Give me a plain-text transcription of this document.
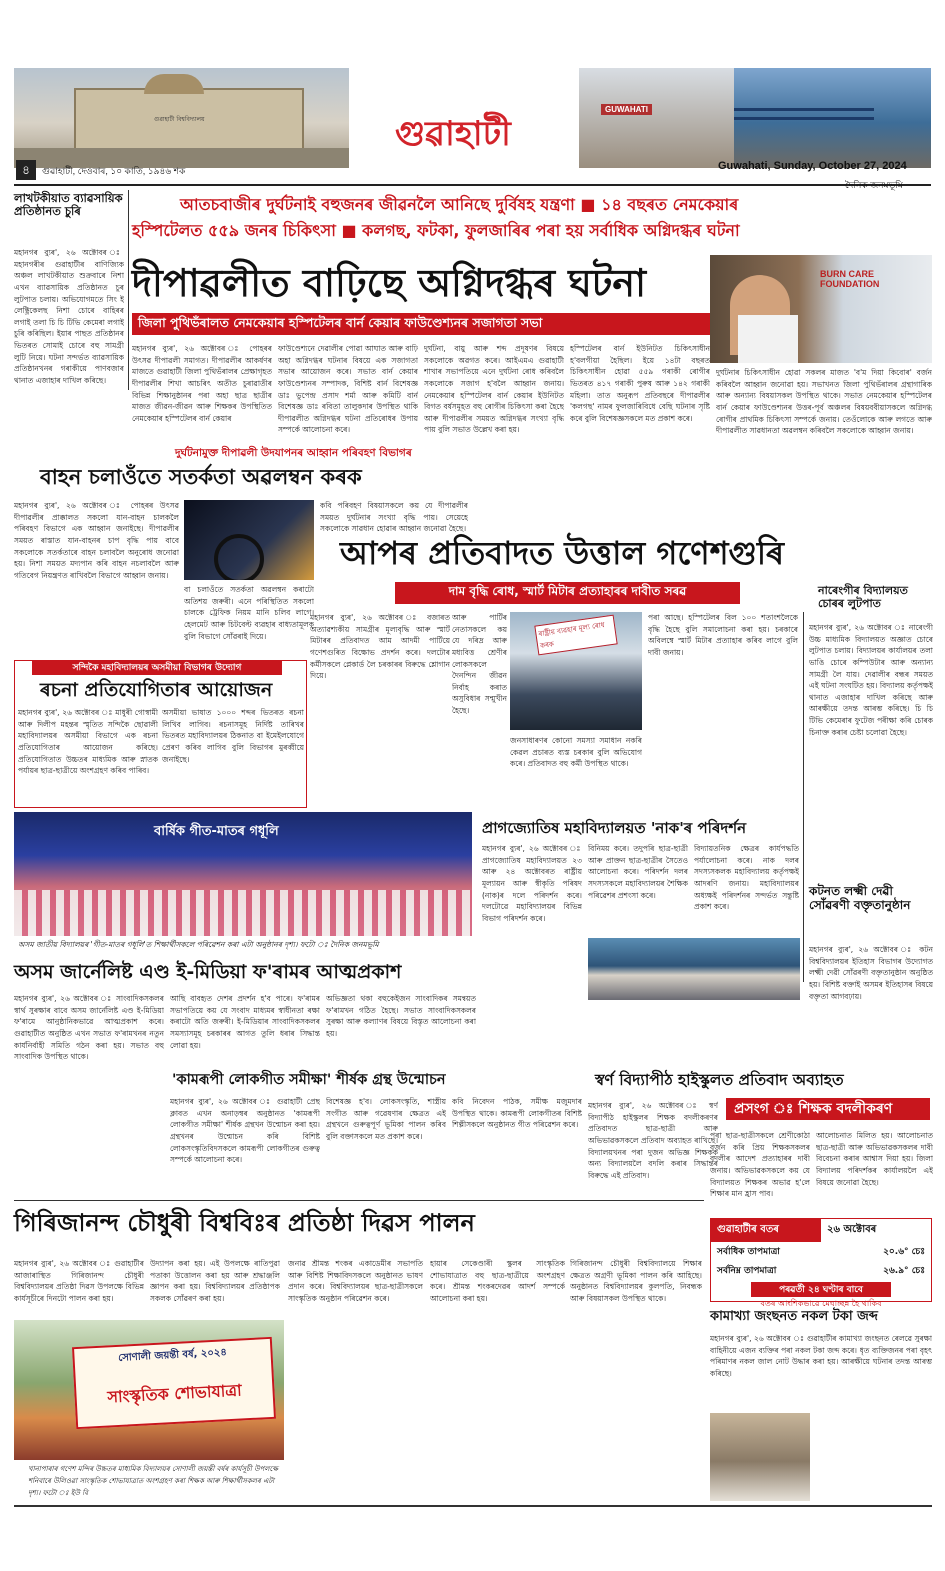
গুৱাহাটী বিশ্ববিদ্যালয়	গুৱাহাটী
GUWAHATI
৪	গুৱাহাটী, দেওবাৰ, ১০ কাতি, ১৯৪৬ শক	Guwahati, Sunday, October 27, 2024
দৈনিক জনমভূমি
লাখটকীয়াত ব্যাৱসায়িক প্ৰতিষ্ঠানত চুৰি
মহানগৰ ব্যুৰ', ২৬ অক্টোবৰ ঃ মহানগৰীৰ গুৱাহাটীৰ বাণিজ্যিক অঞ্চল লাখটকীয়াত শুক্ৰবাৰে নিশা এখন ব্যাৱসায়িক প্ৰতিষ্ঠানত চুৰ লুটপাত চলায়। অভিযোগমতে সিং ই লেক্ট্ৰিকেলছ নিশা চোৰে বাহিৰৰ লগাই তলা চি চি টিভি কেমেৰা লগাই চুৰি কৰিছিল। ইয়াৰ পাছত প্ৰতিষ্ঠানৰ ভিতৰত সোমাই চোৰে বহু সামগ্ৰী লুটি নিয়ে। ঘটনা সন্দৰ্ভত ব্যাৱসায়িক প্ৰতিষ্ঠানখনৰ গৰাকীয়ে পাণবজাৰ থানাত এজাহাৰ দাখিল কৰিছে।
আতচবাজীৰ দুৰ্ঘটনাই বহুজনৰ জীৱনলৈ আনিছে দুৰ্বিষহ যন্ত্ৰণা ■ ১৪ বছৰত নেমকেয়াৰ
হস্পিটেলত ৫৫৯ জনৰ চিকিৎসা ■ কলগছ, ফটকা, ফুলজাৰিৰ পৰা হয় সৰ্বাধিক অগ্নিদগ্ধৰ ঘটনা
দীপাৱলীত বাঢ়িছে অগ্নিদগ্ধৰ ঘটনা
জিলা পুথিভঁৰালত নেমকেয়াৰ হস্পিটেলৰ বাৰ্ন কেয়াৰ ফাউণ্ডেশ্যনৰ সজাগতা সভা
BURN CARE FOUNDATION
মহানগৰ ব্যুৰ', ২৬ অক্টোবৰ ঃ পোহৰৰ উৎসৱ দীপাৱলী সমাগত। দীপাৱলীৰ আকৰ্ষণৰ মাজতে গুৱাহাটী জিলা পুথিভঁৰালৰ প্ৰেক্ষাগৃহত দীপাৱলীৰ শিখা আচৰিৎ অতীত চুৰাৱাতীৰ বিভিন্ন শিক্ষানুষ্ঠানৰ পৰা অহা ছাত্ৰ ছাত্ৰীৰ মাজত জীৱন-জীৱন আৰু শিক্ষকৰ উপস্থিতিত নেমকেয়াৰ হস্পিটেলৰ বাৰ্ন কেয়াৰ
ফাউণ্ডেশ্যনে দেৱালীৰ পোৱা আঘাত আৰু বাঢ়ি অহা অগ্নিদগ্ধৰ ঘটনাৰ বিষয়ে এক সজাগতা সভাৰ আয়োজন কৰে। সভাত বাৰ্ন কেয়াৰ ফাউণ্ডেশ্যনৰ সম্পাদক, বিশিষ্ট বাৰ্ন বিশেষজ্ঞ ডাঃ ভুপেন্দ্ৰ প্ৰসাদ শৰ্মা আৰু কমিটি বাৰ্ন বিশেষজ্ঞ ডাঃ ৰবিতা তালুকদাৰ উপস্থিত থাকি দীপাৱলীত অগ্নিদগ্ধৰ ঘটনা প্ৰতিৰোধৰ উপায় সম্পৰ্কে আলোচনা কৰে।
দুৰ্ঘটনা, বায়ু আৰু শব্দ প্ৰদূষণৰ বিষয়ে সকলোকে অৱগত কৰে। আইএমএ গুৱাহাটী শাখাৰ সভাপতিয়ে এনে দুৰ্ঘটনা ৰোধ কৰিবলৈ সকলোকে সজাগ হ'বলৈ আহ্বান জনায়। নেমকেয়াৰ হস্পিটেলৰ বাৰ্ন কেয়াৰ ইউনিটত বিগত বৰ্ষসমূহত বহু ৰোগীৰ চিকিৎসা কৰা হৈছে আৰু দীপাৱলীৰ সময়ত অগ্নিদগ্ধৰ সংখ্যা বৃদ্ধি পায় বুলি সভাত উল্লেখ কৰা হয়।
হস্পিটেলৰ বাৰ্ন ইউনিটত চিকিৎসাধীন হ'বলগীয়া হৈছিল। ইয়ে ১৪টা বছৰত চিকিৎসাধীন হোৱা ৫৫৯ গৰাকী ৰোগীৰ ভিতৰত ৪১৭ গৰাকী পুৰুষ আৰু ১৪২ গৰাকী মহিলা। তাত অনুৰূপ প্ৰতিবছৰে দীপাৱলীৰ 'কলগছ' নামৰ ফুলজাৰিবিধে বেছি ঘটনাৰ সৃষ্টি কৰে বুলি বিশেষজ্ঞসকলে মত প্ৰকাশ কৰে।
দুৰ্ঘটনাৰ চিকিৎসাধীন হোৱা সকলৰ মাজত 'ব'ম দিয়া কিবোৰ' বৰ্জন কৰিবলৈ আহ্বান জনোৱা হয়। সভাখনত জিলা পুথিভঁৰালৰ গ্ৰন্থাগাৰিক আৰু অন্যান্য বিষয়াসকল উপস্থিত থাকে। সভাত নেমকেয়াৰ হস্পিটেলৰ বাৰ্ন কেয়াৰ ফাউণ্ডেশ্যনৰ উত্তৰ-পূৰ্ব অঞ্চলৰ বিষয়ববীয়াসকলে অগ্নিদগ্ধ ৰোগীৰ প্ৰাথমিক চিকিৎসা সম্পৰ্কে জনায়। তেওঁলোকে আৰু লগতে আৰু দীপাৱলীত সাৱধানতা অৱলম্বন কৰিবলৈ সকলোকে আহ্বান জনায়।
দুৰ্ঘটনামুক্ত দীপাৱলী উদযাপনৰ আহ্বান পৰিবহণ বিভাগৰ
বাহন চলাওঁতে সতৰ্কতা অৱলম্বন কৰক
মহানগৰ ব্যুৰ', ২৬ অক্টোবৰ ঃ পোহৰৰ উৎসৱ দীপাৱলীৰ প্ৰাক্কালত সকলো যান-বাহন চালকলৈ পৰিবহণ বিভাগে এক আহ্বান জনাইছে। দীপাৱলীৰ সময়ত ৰাস্তাত যান-বাহনৰ চাপ বৃদ্ধি পায় বাবে সকলোকে সতৰ্কতাৰে বাহন চলাবলৈ অনুৰোধ জনোৱা হয়। নিশা সময়ত মদ্যপান কৰি বাহন নচলাবলৈ আৰু গতিবেগ নিয়ন্ত্ৰণত ৰাখিবলৈ বিভাগে আহ্বান জনায়।
বা চলাওঁতে সতৰ্কতা অৱলম্বন কৰাটো অতিশয় জৰুৰী। এনে পৰিস্থিতিত সকলো চালকে ট্ৰেফিক নিয়ম মানি চলিব লাগে। হেলমেট আৰু চিটবেল্ট ব্যৱহাৰ বাধ্যতামূলক বুলি বিভাগে সোঁৱৰাই দিয়ে।
কবি পৰিবহণ বিষয়াসকলে কয় যে দীপাৱলীৰ সময়ত দুৰ্ঘটনাৰ সংখ্যা বৃদ্ধি পায়। সেয়েহে সকলোকে সাৱধান হোৱাৰ আহ্বান জনোৱা হৈছে।
আপৰ প্ৰতিবাদত উত্তাল গণেশগুৰি
দাম বৃদ্ধি ৰোধ, স্মাৰ্ট মিটাৰ প্ৰত্যাহাৰৰ দাবীত সৰৱ
মহানগৰ ব্যুৰ', ২৬ অক্টোবৰ ঃ বজাৰত অত্যাৱশ্যকীয় সামগ্ৰীৰ মূল্যবৃদ্ধি আৰু স্মাৰ্ট মিটাৰৰ প্ৰতিবাদত আম আদমী পাৰ্টিয়ে গণেশগুৰিত বিক্ষোভ প্ৰদৰ্শন কৰে। দলটোৰ কৰ্মীসকলে প্লেকাৰ্ড লৈ চৰকাৰৰ বিৰুদ্ধে শ্লোগান দিয়ে।
আৰু পাৰ্টিৰ নেতাসকলে কয় যে দৰিদ্ৰ আৰু মধ্যবিত্ত শ্ৰেণীৰ লোকসকলে দৈনন্দিন জীৱন নিৰ্বাহ কৰাত অসুবিধাৰ সন্মুখীন হৈছে।
ৰাষ্ট্ৰীয় ব্যৱহাৰ মূল্য ৰোধ কৰক
জনসাধাৰণৰ কোনো সমস্যা সমাধান নকৰি কেৱল প্ৰচাৰত ব্যস্ত চৰকাৰ বুলি অভিযোগ কৰে। প্ৰতিবাদত বহু কৰ্মী উপস্থিত থাকে।
পৰা আছে। হস্পিটেলৰ বিল ১০০ শতাংশলৈকে বৃদ্ধি হৈছে বুলি সমালোচনা কৰা হয়। চৰকাৰে অবিলম্বে স্মাৰ্ট মিটাৰ প্ৰত্যাহাৰ কৰিব লাগে বুলি দাবী জনায়।
নাৰেংগীৰ বিদ্যালয়ত চোৰৰ লুটপাত
মহানগৰ ব্যুৰ', ২৬ অক্টোবৰ ঃ নাৰেংগী উচ্চ মাধ্যমিক বিদ্যালয়ত অজ্ঞাত চোৰে লুটপাত চলায়। বিদ্যালয়ৰ কাৰ্যালয়ৰ তলা ভাঙি চোৰে কম্পিউটাৰ আৰু অন্যান্য সামগ্ৰী লৈ যায়। দেৱালীৰ বন্ধৰ সময়ত এই ঘটনা সংঘটিত হয়। বিদ্যালয় কৰ্তৃপক্ষই থানাত এজাহাৰ দাখিল কৰিছে আৰু আৰক্ষীয়ে তদন্ত আৰম্ভ কৰিছে। চি চি টিভি কেমেৰাৰ ফুটেজ পৰীক্ষা কৰি চোৰক চিনাক্ত কৰাৰ চেষ্টা চলোৱা হৈছে।
কটনত লক্ষ্মী দেৱী সোঁৱৰণী বক্তৃতানুষ্ঠান
মহানগৰ ব্যুৰ', ২৬ অক্টোবৰ ঃ কটন বিশ্ববিদ্যালয়ৰ ইতিহাস বিভাগৰ উদ্যোগত লক্ষ্মী দেৱী সোঁৱৰণী বক্তৃতানুষ্ঠান অনুষ্ঠিত হয়। বিশিষ্ট বক্তাই অসমৰ ইতিহাসৰ বিষয়ে বক্তৃতা আগবঢ়ায়।
সন্দিকৈ মহাবিদ্যালয়ৰ অসমীয়া বিভাগৰ উদ্যোগ
ৰচনা প্ৰতিযোগিতাৰ আয়োজন
মহানগৰ ব্যুৰ', ২৬ অক্টোবৰ ঃ মাধুৰী গোস্বামী আৰু দিলীপ মহন্তৰ স্মৃতিত সন্দিকৈ ছোৱালী মহাবিদ্যালয়ৰ অসমীয়া বিভাগে এক ৰচনা প্ৰতিযোগিতাৰ আয়োজন কৰিছে। প্ৰতিযোগিতাত উচ্চতৰ মাধ্যমিক আৰু স্নাতক পৰ্যায়ৰ ছাত্ৰ-ছাত্ৰীয়ে অংশগ্ৰহণ কৰিব পাৰিব।
অসমীয়া ভাষাত ১০০০ শব্দৰ ভিতৰত ৰচনা লিখিব লাগিব। ৰচনাসমূহ নিৰ্দিষ্ট তাৰিখৰ ভিতৰত মহাবিদ্যালয়ৰ ঠিকনাত বা ইমেইলযোগে প্ৰেৰণ কৰিব লাগিব বুলি বিভাগৰ মুৰব্বীয়ে জনাইছে।
বাৰ্ষিক গীত-মাতৰ গধূলি
অসম জাতীয় বিদ্যালয়ৰ 'গীত-মাতৰ গধূলি'ত শিক্ষাৰ্থীসকলে পৰিৱেশন কৰা এটা অনুষ্ঠানৰ দৃশ্য। ফটো ঃ দৈনিক জনমভূমি
প্ৰাগজ্যোতিষ মহাবিদ্যালয়ত 'নাক'ৰ পৰিদৰ্শন
মহানগৰ ব্যুৰ', ২৬ অক্টোবৰ ঃ প্ৰাগজ্যোতিষ মহাবিদ্যালয়ত ২৩ আৰু ২৪ অক্টোবৰত ৰাষ্ট্ৰীয় মূল্যায়ন আৰু স্বীকৃতি পৰিষদ (নাক)ৰ দলে পৰিদৰ্শন কৰে। দলটোৱে মহাবিদ্যালয়ৰ বিভিন্ন বিভাগ পৰিদৰ্শন কৰে।
বিনিময় কৰে। তদুপৰি ছাত্ৰ-ছাত্ৰী আৰু প্ৰাক্তন ছাত্ৰ-ছাত্ৰীৰ সৈতেও আলোচনা কৰে। পৰিদৰ্শন দলৰ সদস্যসকলে মহাবিদ্যালয়ৰ শৈক্ষিক পৰিৱেশৰ প্ৰশংসা কৰে।
বিদ্যায়তনিক ক্ষেত্ৰৰ কাৰ্যপদ্ধতি পৰ্যালোচনা কৰে। নাক দলৰ সদস্যসকলক মহাবিদ্যালয় কৰ্তৃপক্ষই আদৰণি জনায়। মহাবিদ্যালয়ৰ অধ্যক্ষই পৰিদৰ্শনৰ সন্দৰ্ভত সন্তুষ্টি প্ৰকাশ কৰে।
অসম জাৰ্নেলিষ্ট এণ্ড ই-মিডিয়া ফ'ৰামৰ আত্মপ্ৰকাশ
মহানগৰ ব্যুৰ', ২৬ অক্টোবৰ ঃ সাংবাদিকসকলৰ স্বাৰ্থ সুৰক্ষাৰ বাবে অসম জাৰ্নেলিষ্ট এণ্ড ই-মিডিয়া ফ'ৰামে আনুষ্ঠানিকভাৱে আত্মপ্ৰকাশ কৰে। গুৱাহাটীত অনুষ্ঠিত এখন সভাত ফ'ৰামখনৰ নতুন কাৰ্যনিৰ্বাহী সমিতি গঠন কৰা হয়। সভাত বহু সাংবাদিক উপস্থিত থাকে।
আছি বাবহৃত দেশৰ প্ৰদৰ্শন হ'ব পাৰে। ফ'ৰামৰ সভাপতিয়ে কয় যে সংবাদ মাধ্যমৰ স্বাধীনতা ৰক্ষা কৰাটো অতি জৰুৰী। ই-মিডিয়াৰ সাংবাদিকসকলৰ সমস্যাসমূহ চৰকাৰৰ আগত তুলি ধৰাৰ সিদ্ধান্ত লোৱা হয়।
অভিজ্ঞতা থকা বহুকেইজন সাংবাদিকৰ সমন্বয়ত ফ'ৰামখন গঠিত হৈছে। সভাত সাংবাদিকসকলৰ সুৰক্ষা আৰু কল্যাণৰ বিষয়ে বিস্তৃত আলোচনা কৰা হয়।
'কামৰূপী লোকগীত সমীক্ষা' শীৰ্ষক গ্ৰন্থ উন্মোচন
মহানগৰ ব্যুৰ', ২৬ অক্টোবৰ ঃ গুৱাহাটী প্ৰেছ ক্লাবত এখন অনাড়ম্বৰ অনুষ্ঠানত 'কামৰূপী লোকগীত সমীক্ষা' শীৰ্ষক গ্ৰন্থখন উন্মোচন কৰা হয়। গ্ৰন্থখনৰ উন্মোচন কৰি বিশিষ্ট লোকসংস্কৃতিবিদসকলে কামৰূপী লোকগীতৰ গুৰুত্ব সম্পৰ্কে আলোচনা কৰে।
বিশেষজ্ঞ হ'ব। লোকসংস্কৃতি, শাস্ত্ৰীয় সংগীত আৰু গৱেষণাৰ ক্ষেত্ৰত এই গ্ৰন্থখনে গুৰুত্বপূৰ্ণ ভূমিকা পালন কৰিব বুলি বক্তাসকলে মত প্ৰকাশ কৰে।
কবি নিবেদন পাঠক, সমীক্ষ মজুমদাৰ উপস্থিত থাকে। কামৰূপী লোকগীতৰ বিশিষ্ট শিল্পীসকলে অনুষ্ঠানত গীত পৰিৱেশন কৰে।
স্বৰ্ণ বিদ্যাপীঠ হাইস্কুলত প্ৰতিবাদ অব্যাহত
প্ৰসংগ ঃ শিক্ষক বদলীকৰণ
মহানগৰ ব্যুৰ', ২৬ অক্টোবৰ ঃ স্বৰ্ণ বিদ্যাপীঠ হাইস্কুলৰ শিক্ষক বদলীকৰণৰ প্ৰতিবাদত ছাত্ৰ-ছাত্ৰী আৰু অভিভাৱকসকলে প্ৰতিবাদ অব্যাহত ৰাখিছে। বিদ্যালয়খনৰ পৰা দুজন অভিজ্ঞ শিক্ষকক অন্য বিদ্যালয়লৈ বদলি কৰাৰ সিদ্ধান্তৰ বিৰুদ্ধে এই প্ৰতিবাদ।
পৰা ছাত্ৰ-ছাত্ৰীসকলে শ্ৰেণীকোঠা বৰ্জন কৰি প্ৰিয় শিক্ষকসকলৰ বদলীৰ আদেশ প্ৰত্যাহাৰৰ দাবী জনায়। অভিভাৱকসকলে কয় যে বিদ্যালয়ত শিক্ষকৰ অভাৱ হ'লে শিক্ষাৰ মান হ্ৰাস পাব।
আলোচনাত মিলিত হয়। আলোচনাত ছাত্ৰ-ছাত্ৰী আৰু অভিভাৱকসকলৰ দাবী বিবেচনা কৰাৰ আশ্বাস দিয়া হয়। জিলা বিদ্যালয় পৰিদৰ্শকৰ কাৰ্যালয়লৈ এই বিষয়ে জনোৱা হৈছে।
গিৰিজানন্দ চৌধুৰী বিশ্ববিঃৰ প্ৰতিষ্ঠা দিৱস পালন
মহানগৰ ব্যুৰ', ২৬ অক্টোবৰ ঃ গুৱাহাটীৰ আজাৰাস্থিত গিৰিজানন্দ চৌধুৰী বিশ্ববিদ্যালয়ৰ প্ৰতিষ্ঠা দিৱস উপলক্ষে বিভিন্ন কাৰ্যসূচীৰে দিনটো পালন কৰা হয়।
উদ্যাপন কৰা হয়। এই উপলক্ষে ৰাতিপুৱা পতাকা উত্তোলন কৰা হয় আৰু শ্ৰদ্ধাঞ্জলি জ্ঞাপন কৰা হয়। বিশ্ববিদ্যালয়ৰ প্ৰতিষ্ঠাপক সকলক সোঁৱৰণ কৰা হয়।
জনাৱ শ্ৰীমন্ত শংকৰ একাডেমীৰ সভাপতি আৰু বিশিষ্ট শিক্ষাবিদসকলে অনুষ্ঠানত ভাষণ প্ৰদান কৰে। বিশ্ববিদ্যালয়ৰ ছাত্ৰ-ছাত্ৰীসকলে সাংস্কৃতিক অনুষ্ঠান পৰিৱেশন কৰে।
হায়াৰ সেকেণ্ডাৰী স্কুলৰ সাংস্কৃতিক শোভাযাত্ৰাত বহু ছাত্ৰ-ছাত্ৰীয়ে অংশগ্ৰহণ কৰে। শ্ৰীমন্ত শংকৰদেৱৰ আদৰ্শ সম্পৰ্কে আলোচনা কৰা হয়।
গিৰিজানন্দ চৌধুৰী বিশ্ববিদ্যালয়ে শিক্ষাৰ ক্ষেত্ৰত অগ্ৰণী ভূমিকা পালন কৰি আহিছে। অনুষ্ঠানত বিশ্ববিদ্যালয়ৰ কুলপতি, নিবন্ধক আৰু বিষয়াসকল উপস্থিত থাকে।
সোণালী জয়ন্তী বৰ্ষ, ২০২৪
সাংস্কৃতিক শোভাযাত্ৰা
খানাপাৰাৰ গণেশ মন্দিৰ উচ্চতৰ মাধ্যমিক বিদ্যালয়ৰ সোণালী জয়ন্তী বৰ্ষৰ কাৰ্যসূচী উপলক্ষে শনিবাৰে উলিওৱা সাংস্কৃতিক শোভাযাত্ৰাত অংশগ্ৰহণ কৰা শিক্ষক আৰু শিক্ষাৰ্থীসকলৰ এটা দৃশ্য। ফটো ঃ ইউ বি
গুৱাহাটীৰ বতৰ	২৬ অক্টোবৰ
সৰ্বাধিক তাপমাত্ৰা	২০.৬° চেঃ
সৰ্বনিম্ন তাপমাত্ৰা	২৬.৯° চেঃ
পৰৱৰ্তী ২৪ ঘণ্টাৰ বাবে
বতৰ আংশিকভাৱে মেঘাচ্ছন্ন হৈ থাকিব
কামাখ্যা জংছনত নকল টকা জব্দ
মহানগৰ ব্যুৰ', ২৬ অক্টোবৰ ঃ গুৱাহাটীৰ কামাখ্যা জংছনত ৰেলৱে সুৰক্ষা বাহিনীয়ে এজন ব্যক্তিৰ পৰা নকল টকা জব্দ কৰে। ধৃত ব্যক্তিজনৰ পৰা বৃহৎ পৰিমাণৰ নকল জাল নোট উদ্ধাৰ কৰা হয়। আৰক্ষীয়ে ঘটনাৰ তদন্ত আৰম্ভ কৰিছে।
